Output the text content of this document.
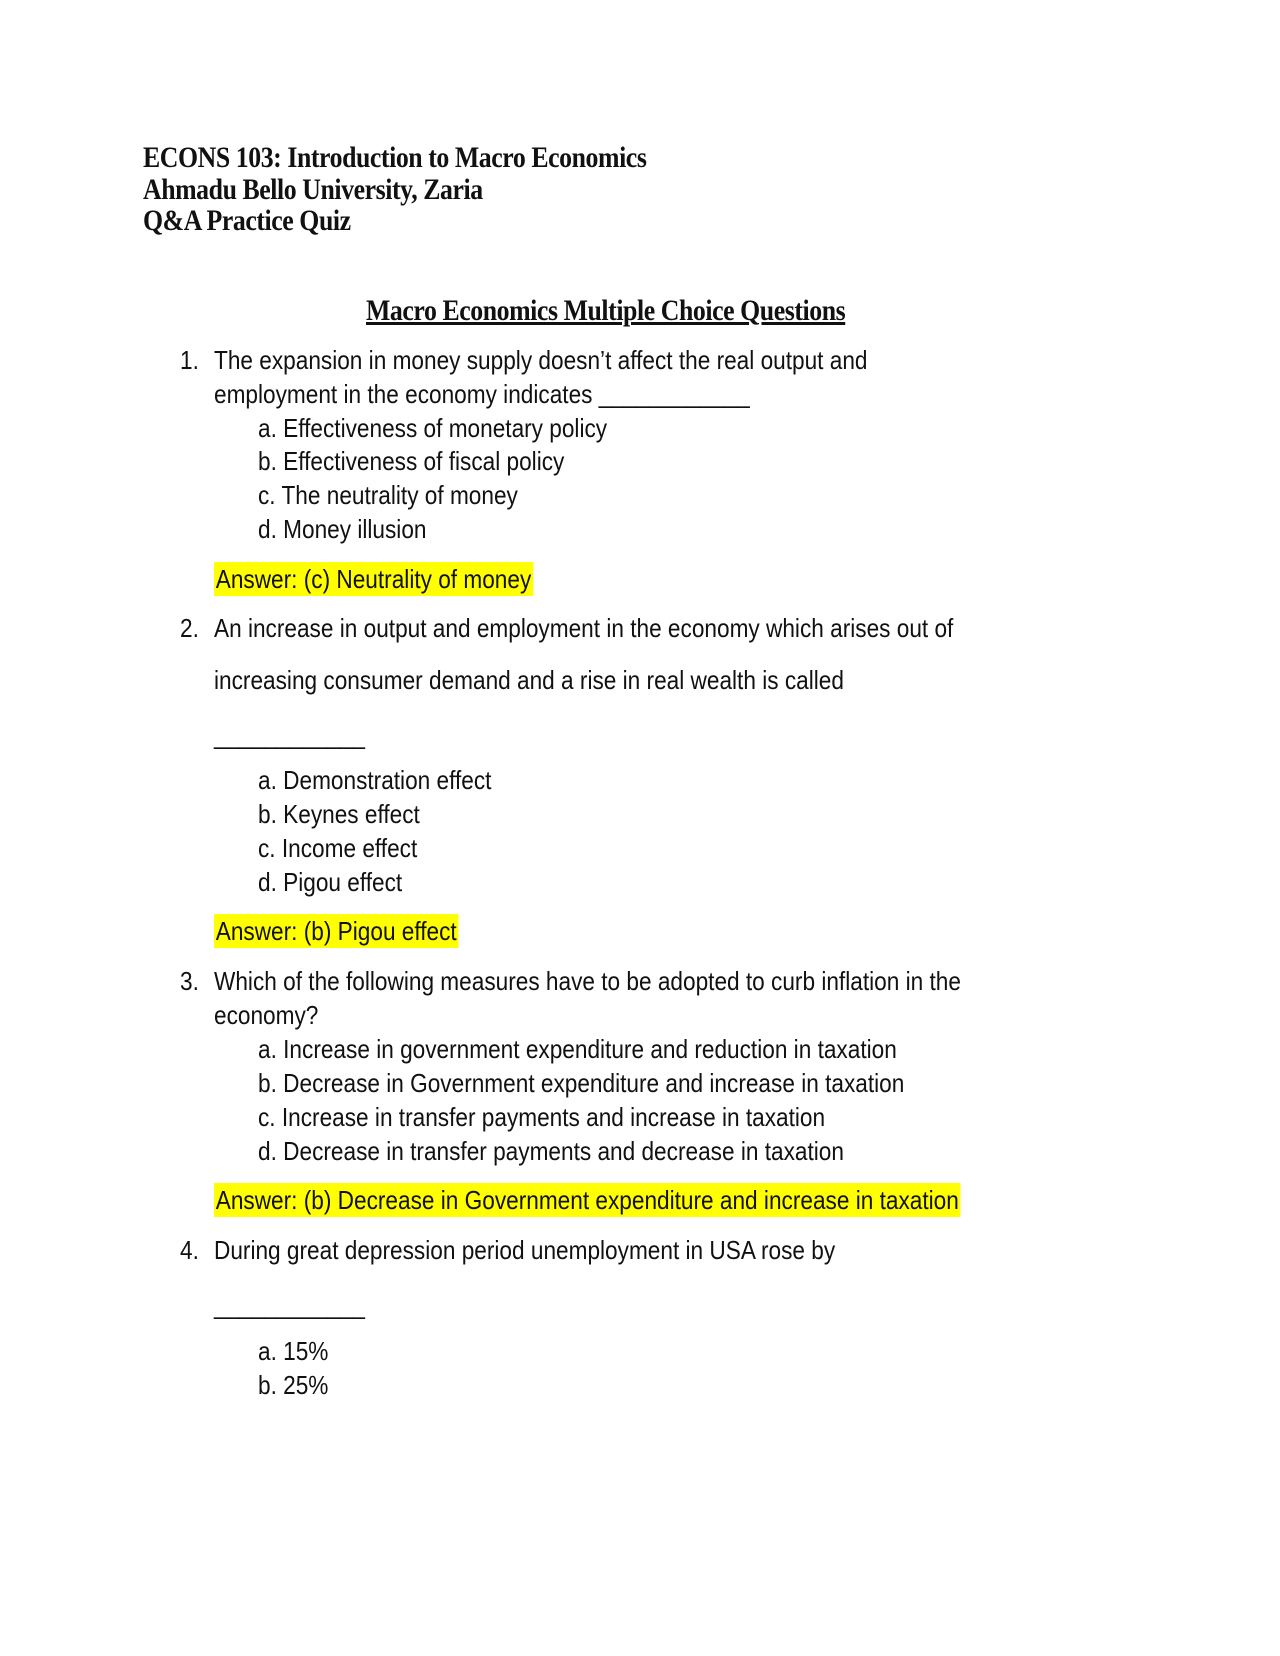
ECONS 103: Introduction to Macro Economics
Ahmadu Bello University, Zaria
Q&A Practice Quiz
Macro Economics Multiple Choice Questions
1. The expansion in money supply doesn’t affect the real output and
employment in the economy indicates ____________
a. Effectiveness of monetary policy
b. Effectiveness of fiscal policy
c. The neutrality of money
d. Money illusion
Answer: (c) Neutrality of money
2. An increase in output and employment in the economy which arises out of
increasing consumer demand and a rise in real wealth is called
____________
a. Demonstration effect
b. Keynes effect
c. Income effect
d. Pigou effect
Answer: (b) Pigou effect
3. Which of the following measures have to be adopted to curb inflation in the
economy?
a. Increase in government expenditure and reduction in taxation
b. Decrease in Government expenditure and increase in taxation
c. Increase in transfer payments and increase in taxation
d. Decrease in transfer payments and decrease in taxation
Answer: (b) Decrease in Government expenditure and increase in taxation
4. During great depression period unemployment in USA rose by
____________
a. 15%
b. 25%
